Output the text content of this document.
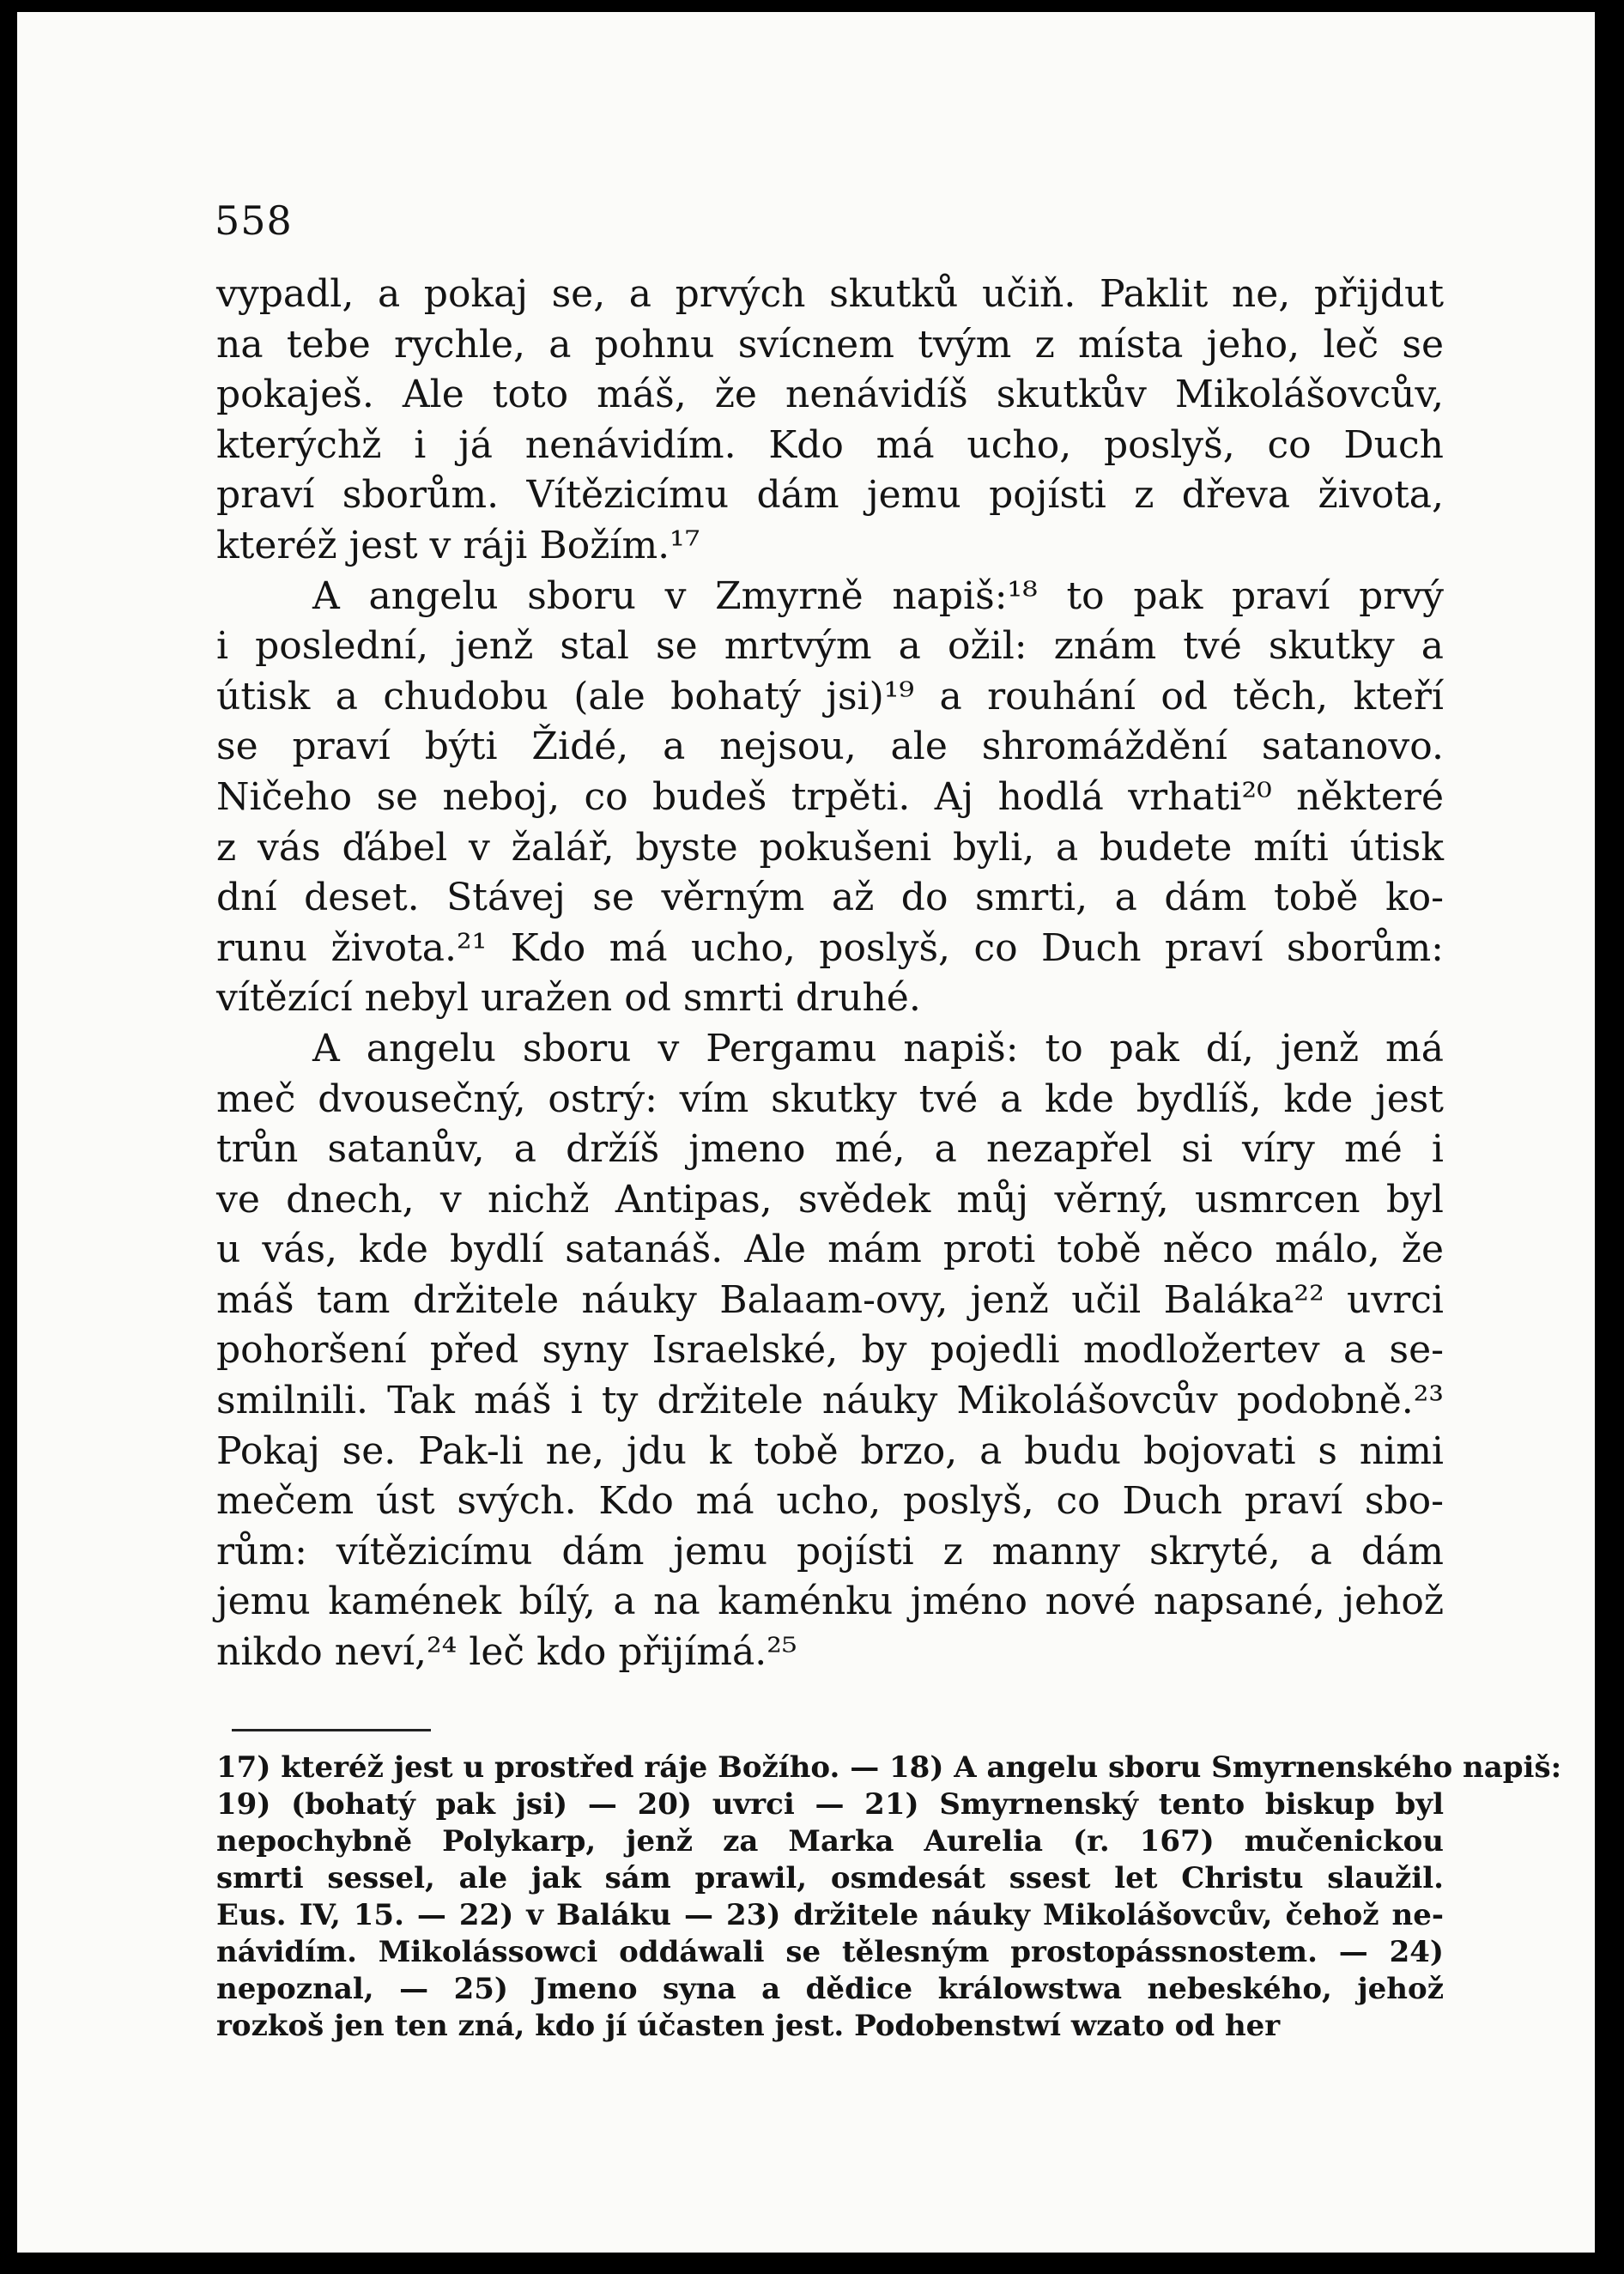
558
vypadl, a pokaj se, a prvých skutků učiň. Paklit ne, přijdut
na tebe rychle, a pohnu svícnem tvým z místa jeho, leč se
pokaješ. Ale toto máš, že nenávidíš skutkův Mikolášovcův,
kterýchž i já nenávidím. Kdo má ucho, poslyš, co Duch
praví sborům. Vítězicímu dám jemu pojísti z dřeva života,
kteréž jest v ráji Božím.¹⁷
A angelu sboru v Zmyrně napiš:¹⁸ to pak praví prvý
i poslední, jenž stal se mrtvým a ožil: znám tvé skutky a
útisk a chudobu (ale bohatý jsi)¹⁹ a rouhání od těch, kteří
se praví býti Židé, a nejsou, ale shromáždění satanovo.
Ničeho se neboj, co budeš trpěti. Aj hodlá vrhati²⁰ některé
z vás ďábel v žalář, byste pokušeni byli, a budete míti útisk
dní deset. Stávej se věrným až do smrti, a dám tobě ko-
runu života.²¹ Kdo má ucho, poslyš, co Duch praví sborům:
vítězící nebyl uražen od smrti druhé.
A angelu sboru v Pergamu napiš: to pak dí, jenž má
meč dvousečný, ostrý: vím skutky tvé a kde bydlíš, kde jest
trůn satanův, a držíš jmeno mé, a nezapřel si víry mé i
ve dnech, v nichž Antipas, svědek můj věrný, usmrcen byl
u vás, kde bydlí satanáš. Ale mám proti tobě něco málo, že
máš tam držitele náuky Balaam-ovy, jenž učil Baláka²² uvrci
pohoršení před syny Israelské, by pojedli modložertev a se-
smilnili. Tak máš i ty držitele náuky Mikolášovcův podobně.²³
Pokaj se. Pak-li ne, jdu k tobě brzo, a budu bojovati s nimi
mečem úst svých. Kdo má ucho, poslyš, co Duch praví sbo-
rům: vítězicímu dám jemu pojísti z manny skryté, a dám
jemu kamének bílý, a na kaménku jméno nové napsané, jehož
nikdo neví,²⁴ leč kdo přijímá.²⁵
17) kteréž jest u prostřed ráje Božího. — 18) A angelu sboru Smyrnenského napiš:
19) (bohatý pak jsi) — 20) uvrci — 21) Smyrnenský tento biskup byl
nepochybně Polykarp, jenž za Marka Aurelia (r. 167) mučenickou
smrti sessel, ale jak sám prawil, osmdesát ssest let Christu slaužil.
Eus. IV, 15. — 22) v Baláku — 23) držitele náuky Mikolášovcův, čehož ne-
návidím. Mikolássowci oddáwali se tělesným prostopássnostem. — 24)
nepoznal, — 25) Jmeno syna a dědice králowstwa nebeského, jehož
rozkoš jen ten zná, kdo jí účasten jest. Podobenstwí wzato od her
